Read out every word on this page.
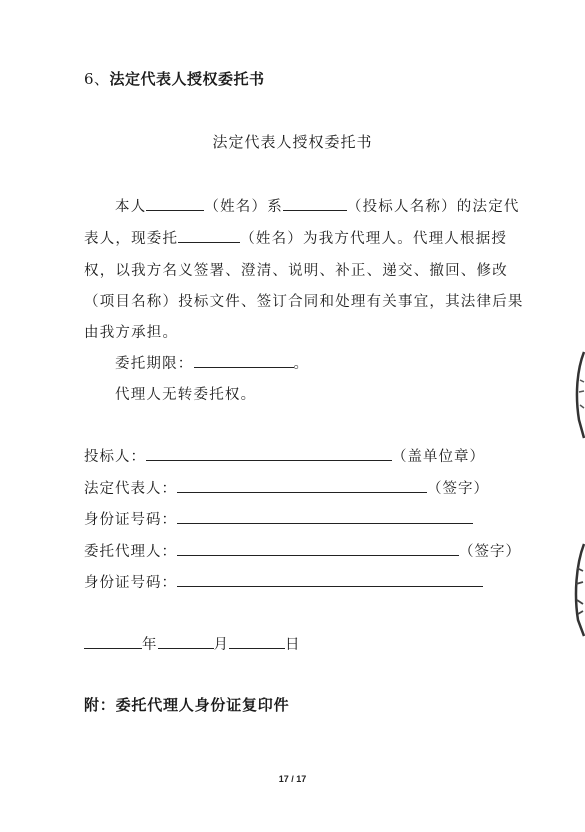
6、法定代表人授权委托书
法定代表人授权委托书
本人	（姓名）系	（投标人名称）的法定代
表人，现委托	（姓名）为我方代理人。代理人根据授
权，以我方名义签署、澄清、说明、补正、递交、撤回、修改
（项目名称）投标文件、签订合同和处理有关事宜，其法律后果
由我方承担。
委托期限：	。
代理人无转委托权。
投标人：	（盖单位章）
法定代表人：	（签字）
身份证号码：
委托代理人：	（签字）
身份证号码：
年	月	日
附：委托代理人身份证复印件
17 / 17
